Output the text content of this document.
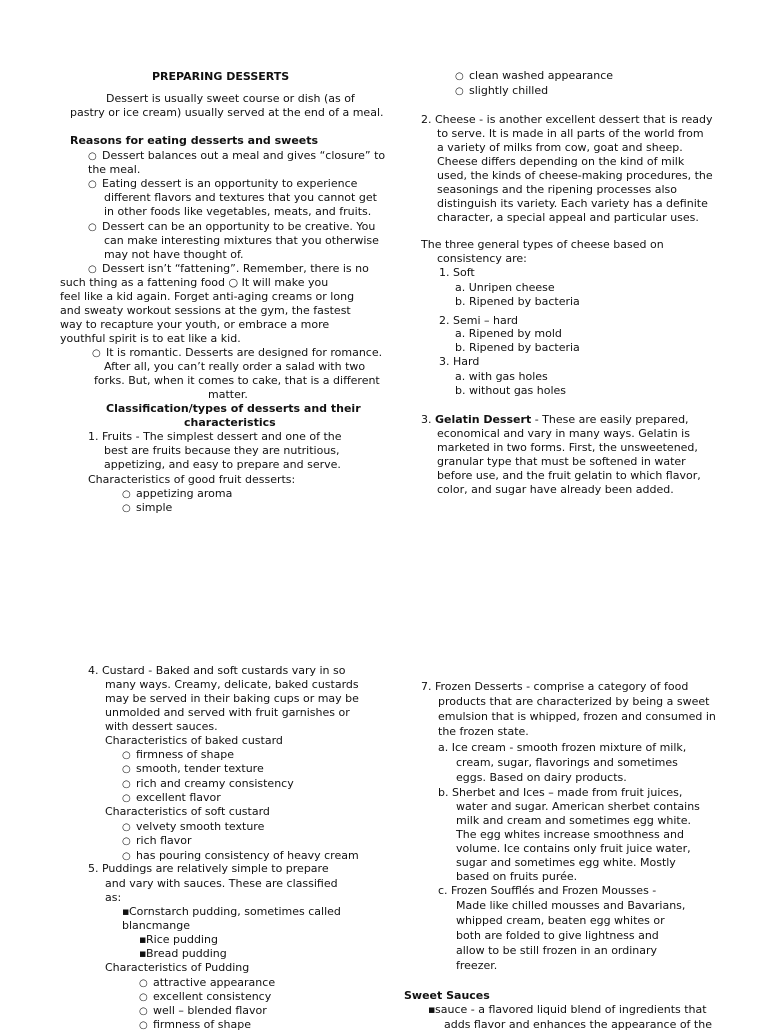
PREPARING DESSERTS

Dessert is usually sweet course or dish (as of

pastry or ice cream) usually served at the end of a meal.

Reasons for eating desserts and sweets

○ Dessert balances out a meal and gives “closure” to

the meal.

○ Eating dessert is an opportunity to experience

different flavors and textures that you cannot get

in other foods like vegetables, meats, and fruits.

○ Dessert can be an opportunity to be creative. You

can make interesting mixtures that you otherwise

may not have thought of.

○ Dessert isn’t “fattening”. Remember, there is no

such thing as a fattening food ○ It will make you

feel like a kid again. Forget anti-aging creams or long

and sweaty workout sessions at the gym, the fastest

way to recapture your youth, or embrace a more

youthful spirit is to eat like a kid.

○ It is romantic. Desserts are designed for romance.

After all, you can’t really order a salad with two

forks. But, when it comes to cake, that is a different

matter.

Classification/types of desserts and their

characteristics

1. Fruits - The simplest dessert and one of the

best are fruits because they are nutritious,

appetizing, and easy to prepare and serve.

Characteristics of good fruit desserts:

○ appetizing aroma

○ simple

○ clean washed appearance

○ slightly chilled

2. Cheese - is another excellent dessert that is ready

to serve. It is made in all parts of the world from

a variety of milks from cow, goat and sheep.

Cheese differs depending on the kind of milk

used, the kinds of cheese-making procedures, the

seasonings and the ripening processes also

distinguish its variety. Each variety has a definite

character, a special appeal and particular uses.

The three general types of cheese based on

consistency are:

1. Soft

a. Unripen cheese

b. Ripened by bacteria

2. Semi – hard

a. Ripened by mold

b. Ripened by bacteria

3. Hard

a. with gas holes

b. without gas holes

3. Gelatin Dessert - These are easily prepared,

economical and vary in many ways. Gelatin is

marketed in two forms. First, the unsweetened,

granular type that must be softened in water

before use, and the fruit gelatin to which flavor,

color, and sugar have already been added.

4. Custard - Baked and soft custards vary in so

many ways. Creamy, delicate, baked custards

may be served in their baking cups or may be

unmolded and served with fruit garnishes or

with dessert sauces.

Characteristics of baked custard

○ firmness of shape

○ smooth, tender texture

○ rich and creamy consistency

○ excellent flavor

Characteristics of soft custard

○ velvety smooth texture

○ rich flavor

○ has pouring consistency of heavy cream

5. Puddings are relatively simple to prepare

and vary with sauces. These are classified

as:

▪ Cornstarch pudding, sometimes called

blancmange

▪ Rice pudding

▪ Bread pudding

Characteristics of Pudding

○ attractive appearance

○ excellent consistency

○ well – blended flavor

○ firmness of shape

7. Frozen Desserts - comprise a category of food

products that are characterized by being a sweet

emulsion that is whipped, frozen and consumed in

the frozen state.

a. Ice cream - smooth frozen mixture of milk,

cream, sugar, flavorings and sometimes

eggs. Based on dairy products.

b. Sherbet and Ices – made from fruit juices,

water and sugar. American sherbet contains

milk and cream and sometimes egg white.

The egg whites increase smoothness and

volume. Ice contains only fruit juice water,

sugar and sometimes egg white. Mostly

based on fruits purée.

c. Frozen Soufflés and Frozen Mousses -

Made like chilled mousses and Bavarians,

whipped cream, beaten egg whites or

both are folded to give lightness and

allow to be still frozen in an ordinary

freezer.

Sweet Sauces

▪ sauce - a flavored liquid blend of ingredients that

adds flavor and enhances the appearance of the
